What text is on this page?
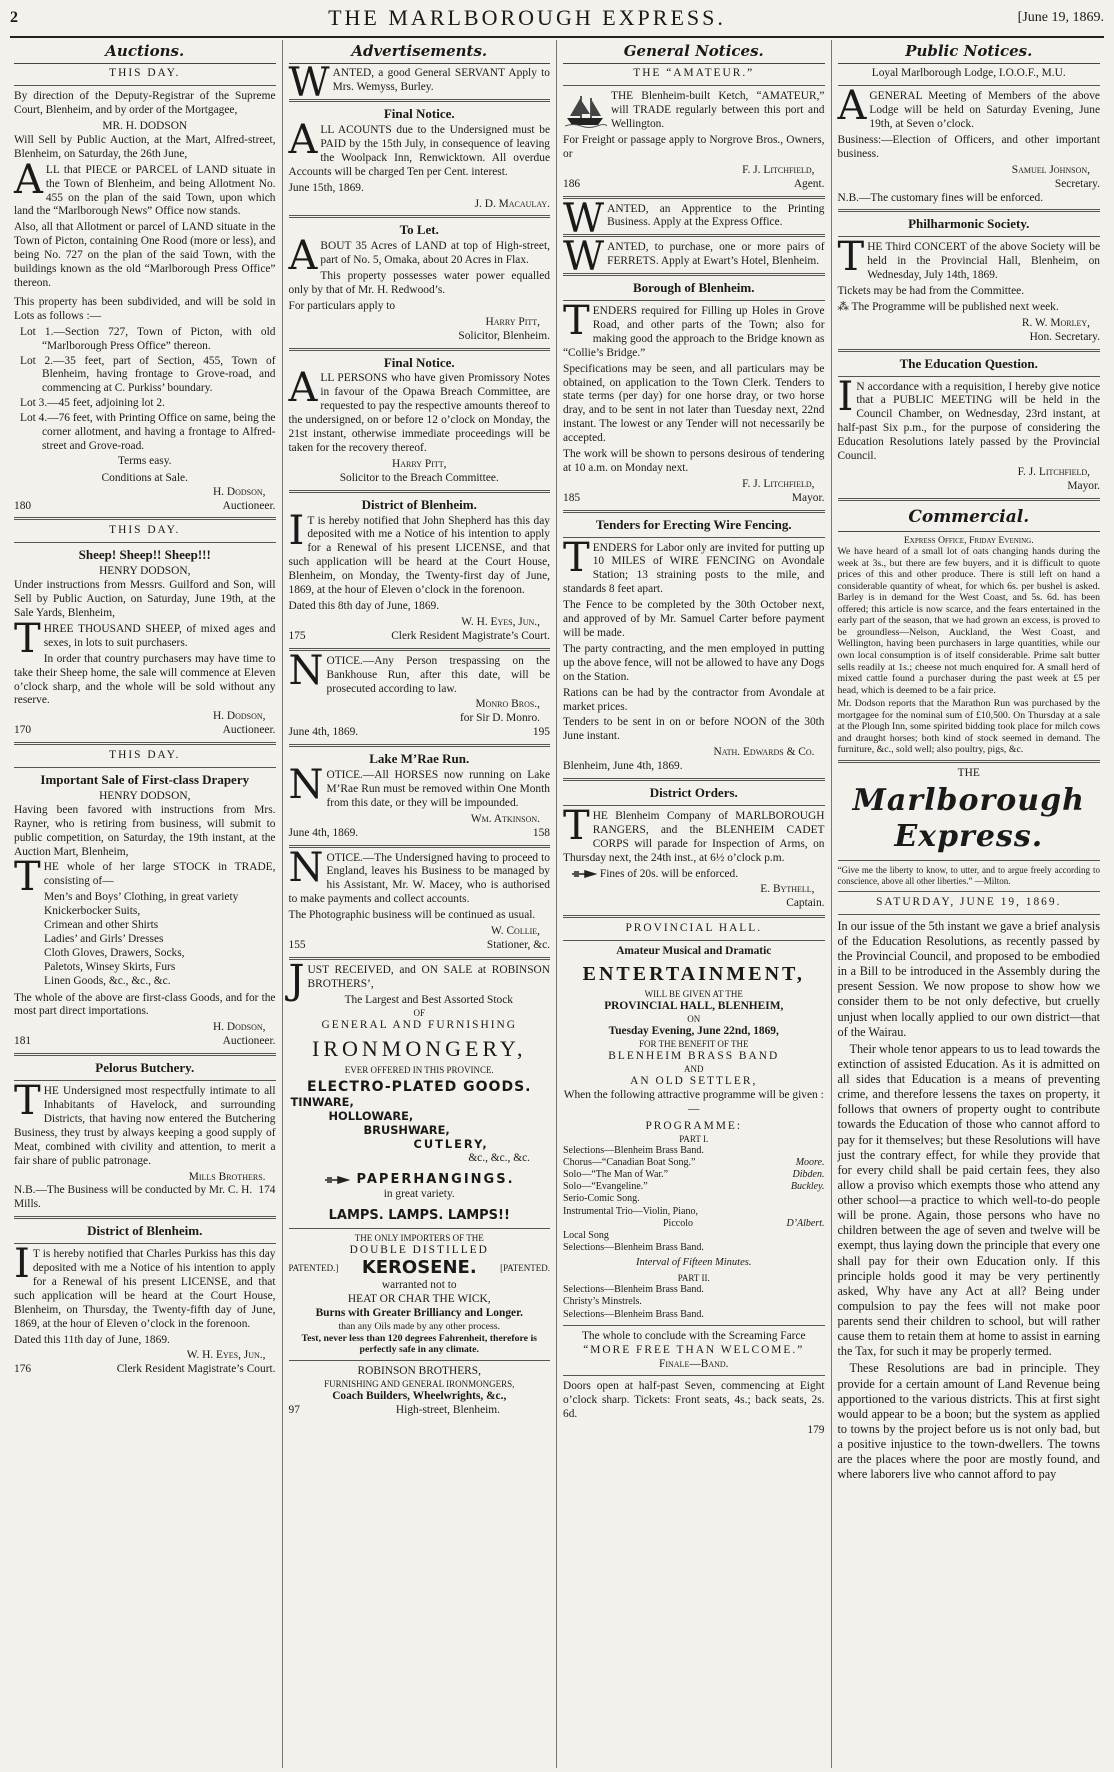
2	THE MARLBOROUGH EXPRESS.	[June 19, 1869.
Auctions.
THIS DAY.

By direction of the Deputy-Registrar of the Supreme Court, Blenheim, and by order of the Mortgagee,

MR. H. DODSON

Will Sell by Public Auction, at the Mart, Alfred-street, Blenheim, on Saturday, the 26th June,

ALL that PIECE or PARCEL of LAND situate in the Town of Blenheim, and being Allotment No. 455 on the plan of the said Town, upon which land the “Marlborough News” Office now stands.

Also, all that Allotment or parcel of LAND situate in the Town of Picton, containing One Rood (more or less), and being No. 727 on the plan of the said Town, with the buildings known as the old “Marlborough Press Office” thereon.

This property has been subdivided, and will be sold in Lots as follows :—

Lot 1.—Section 727, Town of Picton, with old “Marlborough Press Office” thereon.

Lot 2.—35 feet, part of Section, 455, Town of Blenheim, having frontage to Grove-road, and commencing at C. Purkiss’ boundary.

Lot 3.—45 feet, adjoining lot 2.

Lot 4.—76 feet, with Printing Office on same, being the corner allotment, and having a frontage to Alfred-street and Grove-road.

Terms easy.
Conditions at Sale.
H. Dodson,
180	Auctioneer.
THIS DAY.
Sheep! Sheep!! Sheep!!!
HENRY DODSON,

Under instructions from Messrs. Guilford and Son, will Sell by Public Auction, on Saturday, June 19th, at the Sale Yards, Blenheim,

THREE THOUSAND SHEEP, of mixed ages and sexes, in lots to suit purchasers.

In order that country purchasers may have time to take their Sheep home, the sale will commence at Eleven o’clock sharp, and the whole will be sold without any reserve.

H. Dodson,
170	Auctioneer.
THIS DAY.
Important Sale of First-class Drapery
HENRY DODSON,

Having been favored with instructions from Mrs. Rayner, who is retiring from business, will submit to public competition, on Saturday, the 19th instant, at the Auction Mart, Blenheim,

THE whole of her large STOCK in TRADE, consisting of—

Men’s and Boys’ Clothing, in great variety

Knickerbocker Suits,

Crimean and other Shirts

Ladies’ and Girls’ Dresses

Cloth Gloves, Drawers, Socks,

Paletots, Winsey Skirts, Furs

Linen Goods, &c., &c., &c.

The whole of the above are first-class Goods, and for the most part direct importations.

H. Dodson,
181	Auctioneer.
Pelorus Butchery.

THE Undersigned most respectfully intimate to all Inhabitants of Havelock, and surrounding Districts, that having now entered the Butchering Business, they trust by always keeping a good supply of Meat, combined with civility and attention, to merit a fair share of public patronage.

Mills Brothers.
N.B.—The Business will be conducted by Mr. C. H. Mills.
174
District of Blenheim.

IT is hereby notified that Charles Purkiss has this day deposited with me a Notice of his intention to apply for a Renewal of his present LICENSE, and that such application will be heard at the Court House, Blenheim, on Thursday, the Twenty-fifth day of June, 1869, at the hour of Eleven o’clock in the forenoon.

Dated this 11th day of June, 1869.

W. H. Eyes, Jun.,
176	Clerk Resident Magistrate’s Court.
Advertisements.

WANTED, a good General SERVANT Apply to Mrs. Wemyss, Burley.

Final Notice.

ALL ACOUNTS due to the Undersigned must be PAID by the 15th July, in consequence of leaving the Woolpack Inn, Renwicktown. All overdue Accounts will be charged Ten per Cent. interest.

June 15th, 1869.

J. D. Macaulay.
To Let.

ABOUT 35 Acres of LAND at top of High-street, part of No. 5, Omaka, about 20 Acres in Flax.

This property possesses water power equalled only by that of Mr. H. Redwood’s.

For particulars apply to

Harry Pitt,
Solicitor, Blenheim.
Final Notice.

ALL PERSONS who have given Promissory Notes in favour of the Opawa Breach Committee, are requested to pay the respective amounts thereof to the undersigned, on or before 12 o’clock on Monday, the 21st instant, otherwise immediate proceedings will be taken for the recovery thereof.

Harry Pitt,
Solicitor to the Breach Committee.
District of Blenheim.

IT is hereby notified that John Shepherd has this day deposited with me a Notice of his intention to apply for a Renewal of his present LICENSE, and that such application will be heard at the Court House, Blenheim, on Monday, the Twenty-first day of June, 1869, at the hour of Eleven o’clock in the forenoon.

Dated this 8th day of June, 1869.

W. H. Eyes, Jun.,
175	Clerk Resident Magistrate’s Court.

NOTICE.—Any Person trespassing on the Bankhouse Run, after this date, will be prosecuted according to law.

Monro Bros.,
for Sir D. Monro.
June 4th, 1869.	195
Lake M’Rae Run.

NOTICE.—All HORSES now running on Lake M’Rae Run must be removed within One Month from this date, or they will be impounded.

Wm. Atkinson.
June 4th, 1869.	158

NOTICE.—The Undersigned having to proceed to England, leaves his Business to be managed by his Assistant, Mr. W. Macey, who is authorised to make payments and collect accounts.

The Photographic business will be continued as usual.

W. Collie,
155	Stationer, &c.

JUST RECEIVED, and ON SALE at ROBINSON BROTHERS’,

The Largest and Best Assorted Stock
OF
GENERAL AND FURNISHING
IRONMONGERY,
EVER OFFERED IN THIS PROVINCE.
ELECTRO-PLATED GOODS.
TINWARE,
HOLLOWARE,
BRUSHWARE,
CUTLERY,
&c., &c., &c.
PAPERHANGINGS.
in great variety.
LAMPS. LAMPS. LAMPS!!
THE ONLY IMPORTERS OF THE
DOUBLE DISTILLED
PATENTED.] KEROSENE.	[PATENTED.
warranted not to
HEAT OR CHAR THE WICK,
Burns with Greater Brilliancy and Longer.
than any Oils made by any other process.
Test, never less than 120 degrees Fahrenheit, therefore is perfectly safe in any climate.
ROBINSON BROTHERS,
FURNISHING AND GENERAL IRONMONGERS,
Coach Builders, Wheelwrights, &c.,
97	High-street, Blenheim.
General Notices.
THE “AMATEUR.”

THE Blenheim-built Ketch, “AMATEUR,” will TRADE regularly between this port and Wellington.

For Freight or passage apply to Norgrove Bros., Owners, or

F. J. Litchfield,
186	Agent.

WANTED, an Apprentice to the Printing Business. Apply at the Express Office.

WANTED, to purchase, one or more pairs of FERRETS. Apply at Ewart’s Hotel, Blenheim.

Borough of Blenheim.

TENDERS required for Filling up Holes in Grove Road, and other parts of the Town; also for making good the approach to the Bridge known as “Collie’s Bridge.”

Specifications may be seen, and all particulars may be obtained, on application to the Town Clerk. Tenders to state terms (per day) for one horse dray, or two horse dray, and to be sent in not later than Tuesday next, 22nd instant. The lowest or any Tender will not necessarily be accepted.

The work will be shown to persons desirous of tendering at 10 a.m. on Monday next.

F. J. Litchfield,
185	Mayor.
Tenders for Erecting Wire Fencing.

TENDERS for Labor only are invited for putting up 10 MILES of WIRE FENCING on Avondale Station; 13 straining posts to the mile, and standards 8 feet apart.

The Fence to be completed by the 30th October next, and approved of by Mr. Samuel Carter before payment will be made.

The party contracting, and the men employed in putting up the above fence, will not be allowed to have any Dogs on the Station.

Rations can be had by the contractor from Avondale at market prices.

Tenders to be sent in on or before NOON of the 30th June instant.

Nath. Edwards & Co.

Blenheim, June 4th, 1869.

District Orders.

THE Blenheim Company of MARLBOROUGH RANGERS, and the BLENHEIM CADET CORPS will parade for Inspection of Arms, on Thursday next, the 24th inst., at 6½ o’clock p.m.

Fines of 20s. will be enforced.

E. Bythell,
Captain.
PROVINCIAL HALL.
Amateur Musical and Dramatic
ENTERTAINMENT,
WILL BE GIVEN AT THE
PROVINCIAL HALL, BLENHEIM,
ON
Tuesday Evening, June 22nd, 1869,
FOR THE BENEFIT OF THE
BLENHEIM BRASS BAND
AND
AN OLD SETTLER,
When the following attractive programme will be given :—
PROGRAMME:
PART I.
Selections—Blenheim Brass Band.
Chorus—“Canadian Boat Song.”	Moore.
Solo—“The Man of War.”	Dibden.
Solo—“Evangeline.”	Buckley.
Serio-Comic Song.
Instrumental Trio—Violin, Piano,
Piccolo	D’Albert.
Local Song
Selections—Blenheim Brass Band.
Interval of Fifteen Minutes.
PART II.
Selections—Blenheim Brass Band.
Christy’s Minstrels.
Selections—Blenheim Brass Band.
The whole to conclude with the Screaming Farce
“MORE FREE THAN WELCOME.”
Finale—Band.

Doors open at half-past Seven, commencing at Eight o’clock sharp. Tickets: Front seats, 4s.; back seats, 2s. 6d.

179
Public Notices.
Loyal Marlborough Lodge, I.O.O.F., M.U.

AGENERAL Meeting of Members of the above Lodge will be held on Saturday Evening, June 19th, at Seven o’clock.

Business:—Election of Officers, and other important business.

Samuel Johnson,
Secretary.

N.B.—The customary fines will be enforced.

Philharmonic Society.

THE Third CONCERT of the above Society will be held in the Provincial Hall, Blenheim, on Wednesday, July 14th, 1869.

Tickets may be had from the Committee.

⁂ The Programme will be published next week.

R. W. Morley,
Hon. Secretary.
The Education Question.

IN accordance with a requisition, I hereby give notice that a PUBLIC MEETING will be held in the Council Chamber, on Wednesday, 23rd instant, at half-past Six p.m., for the purpose of considering the Education Resolutions lately passed by the Provincial Council.

F. J. Litchfield,
Mayor.
Commercial.
Express Office, Friday Evening.

We have heard of a small lot of oats changing hands during the week at 3s., but there are few buyers, and it is difficult to quote prices of this and other produce. There is still left on hand a considerable quantity of wheat, for which 6s. per bushel is asked. Barley is in demand for the West Coast, and 5s. 6d. has been offered; this article is now scarce, and the fears entertained in the early part of the season, that we had grown an excess, is proved to be groundless—Nelson, Auckland, the West Coast, and Wellington, having been purchasers in large quantities, while our own local consumption is of itself considerable. Prime salt butter sells readily at 1s.; cheese not much enquired for. A small herd of mixed cattle found a purchaser during the past week at £5 per head, which is deemed to be a fair price.

Mr. Dodson reports that the Marathon Run was purchased by the mortgagee for the nominal sum of £10,500. On Thursday at a sale at the Plough Inn, some spirited bidding took place for milch cows and draught horses; both kind of stock seemed in demand. The furniture, &c., sold well; also poultry, pigs, &c.

THE
Marlborough Express.

“Give me the liberty to know, to utter, and to argue freely according to conscience, above all other liberties.” —Milton.

SATURDAY, JUNE 19, 1869.

In our issue of the 5th instant we gave a brief analysis of the Education Resolutions, as recently passed by the Provincial Council, and proposed to be embodied in a Bill to be introduced in the Assembly during the present Session. We now propose to show how we consider them to be not only defective, but cruelly unjust when locally applied to our own district—that of the Wairau.

Their whole tenor appears to us to lead towards the extinction of assisted Education. As it is admitted on all sides that Education is a means of preventing crime, and therefore lessens the taxes on property, it follows that owners of property ought to contribute towards the Education of those who cannot afford to pay for it themselves; but these Resolutions will have just the contrary effect, for while they provide that for every child shall be paid certain fees, they also allow a proviso which exempts those who attend any other school—a practice to which well-to-do people will be prone. Again, those persons who have no children between the age of seven and twelve will be exempt, thus laying down the principle that every one shall pay for their own Education only. If this principle holds good it may be very pertinently asked, Why have any Act at all? Being under compulsion to pay the fees will not make poor parents send their children to school, but will rather cause them to retain them at home to assist in earning the Tax, for such it may be properly termed.

These Resolutions are bad in principle. They provide for a certain amount of Land Revenue being apportioned to the various districts. This at first sight would appear to be a boon; but the system as applied to towns by the project before us is not only bad, but a positive injustice to the town-dwellers. The towns are the places where the poor are mostly found, and where laborers live who cannot afford to pay
